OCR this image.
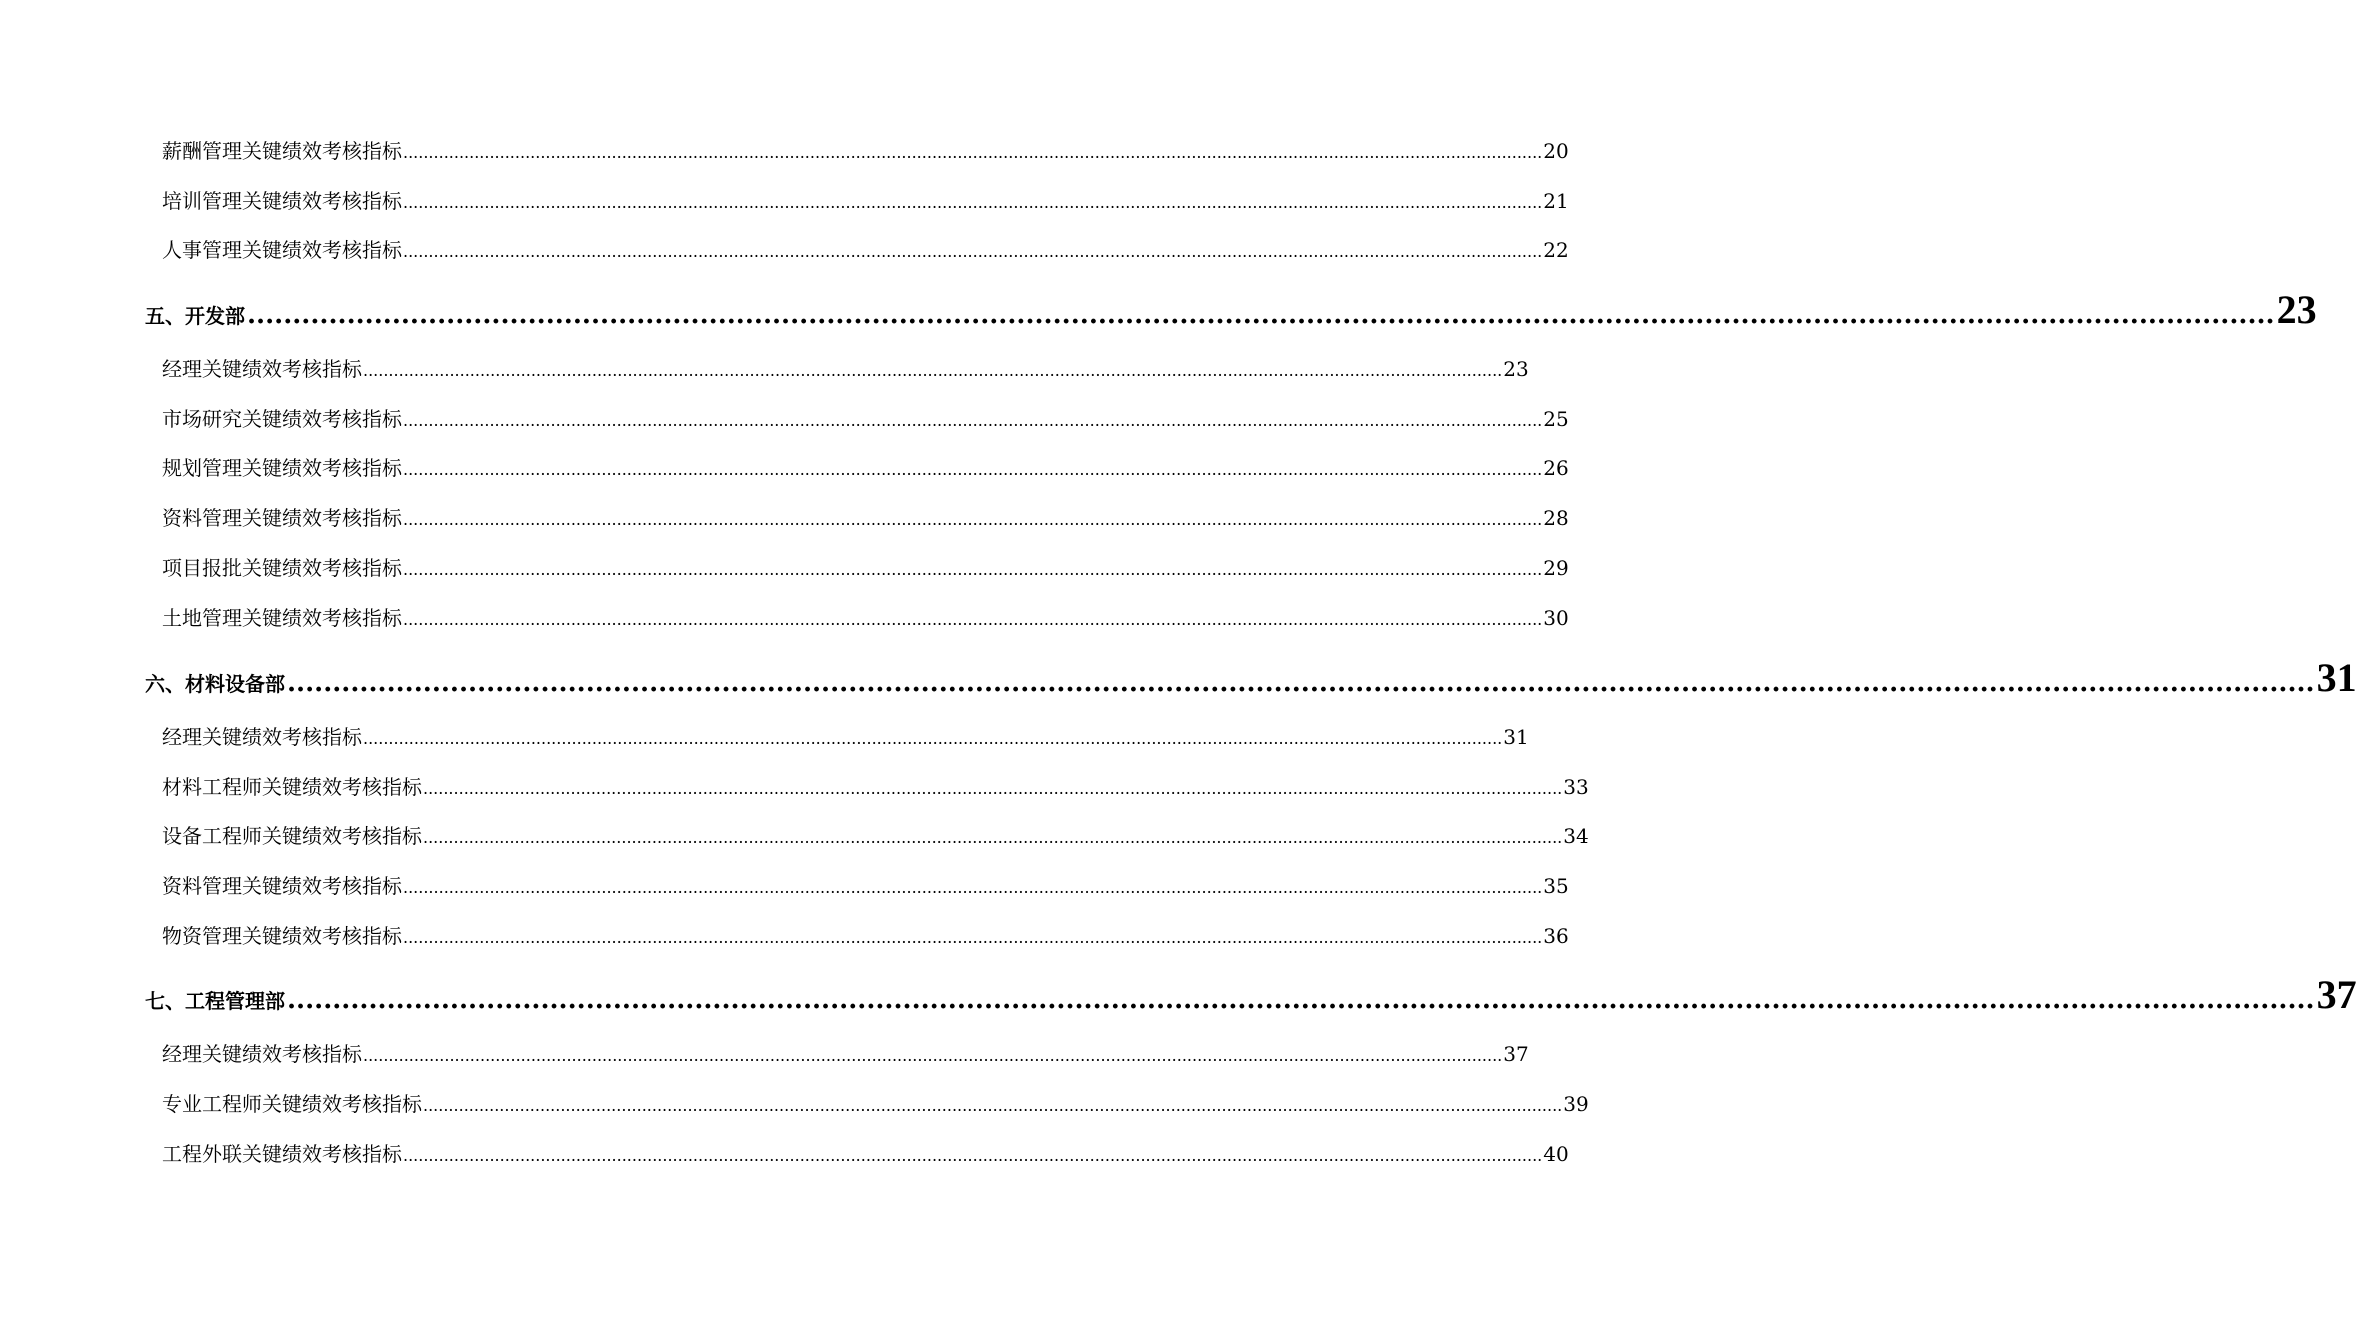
薪酬管理关键绩效考核指标 ................................................................................................................................................................................................................................ 20
培训管理关键绩效考核指标 ................................................................................................................................................................................................................................ 21
人事管理关键绩效考核指标 ................................................................................................................................................................................................................................ 22
五、开发部 ................................................................................................................................................................................................................................ 23
经理关键绩效考核指标 ................................................................................................................................................................................................................................ 23
市场研究关键绩效考核指标 ................................................................................................................................................................................................................................ 25
规划管理关键绩效考核指标 ................................................................................................................................................................................................................................ 26
资料管理关键绩效考核指标 ................................................................................................................................................................................................................................ 28
项目报批关键绩效考核指标 ................................................................................................................................................................................................................................ 29
土地管理关键绩效考核指标 ................................................................................................................................................................................................................................ 30
六、材料设备部 ................................................................................................................................................................................................................................ 31
经理关键绩效考核指标 ................................................................................................................................................................................................................................ 31
材料工程师关键绩效考核指标 ................................................................................................................................................................................................................................ 33
设备工程师关键绩效考核指标 ................................................................................................................................................................................................................................ 34
资料管理关键绩效考核指标 ................................................................................................................................................................................................................................ 35
物资管理关键绩效考核指标 ................................................................................................................................................................................................................................ 36
七、工程管理部 ................................................................................................................................................................................................................................ 37
经理关键绩效考核指标 ................................................................................................................................................................................................................................ 37
专业工程师关键绩效考核指标 ................................................................................................................................................................................................................................ 39
工程外联关键绩效考核指标 ................................................................................................................................................................................................................................ 40
